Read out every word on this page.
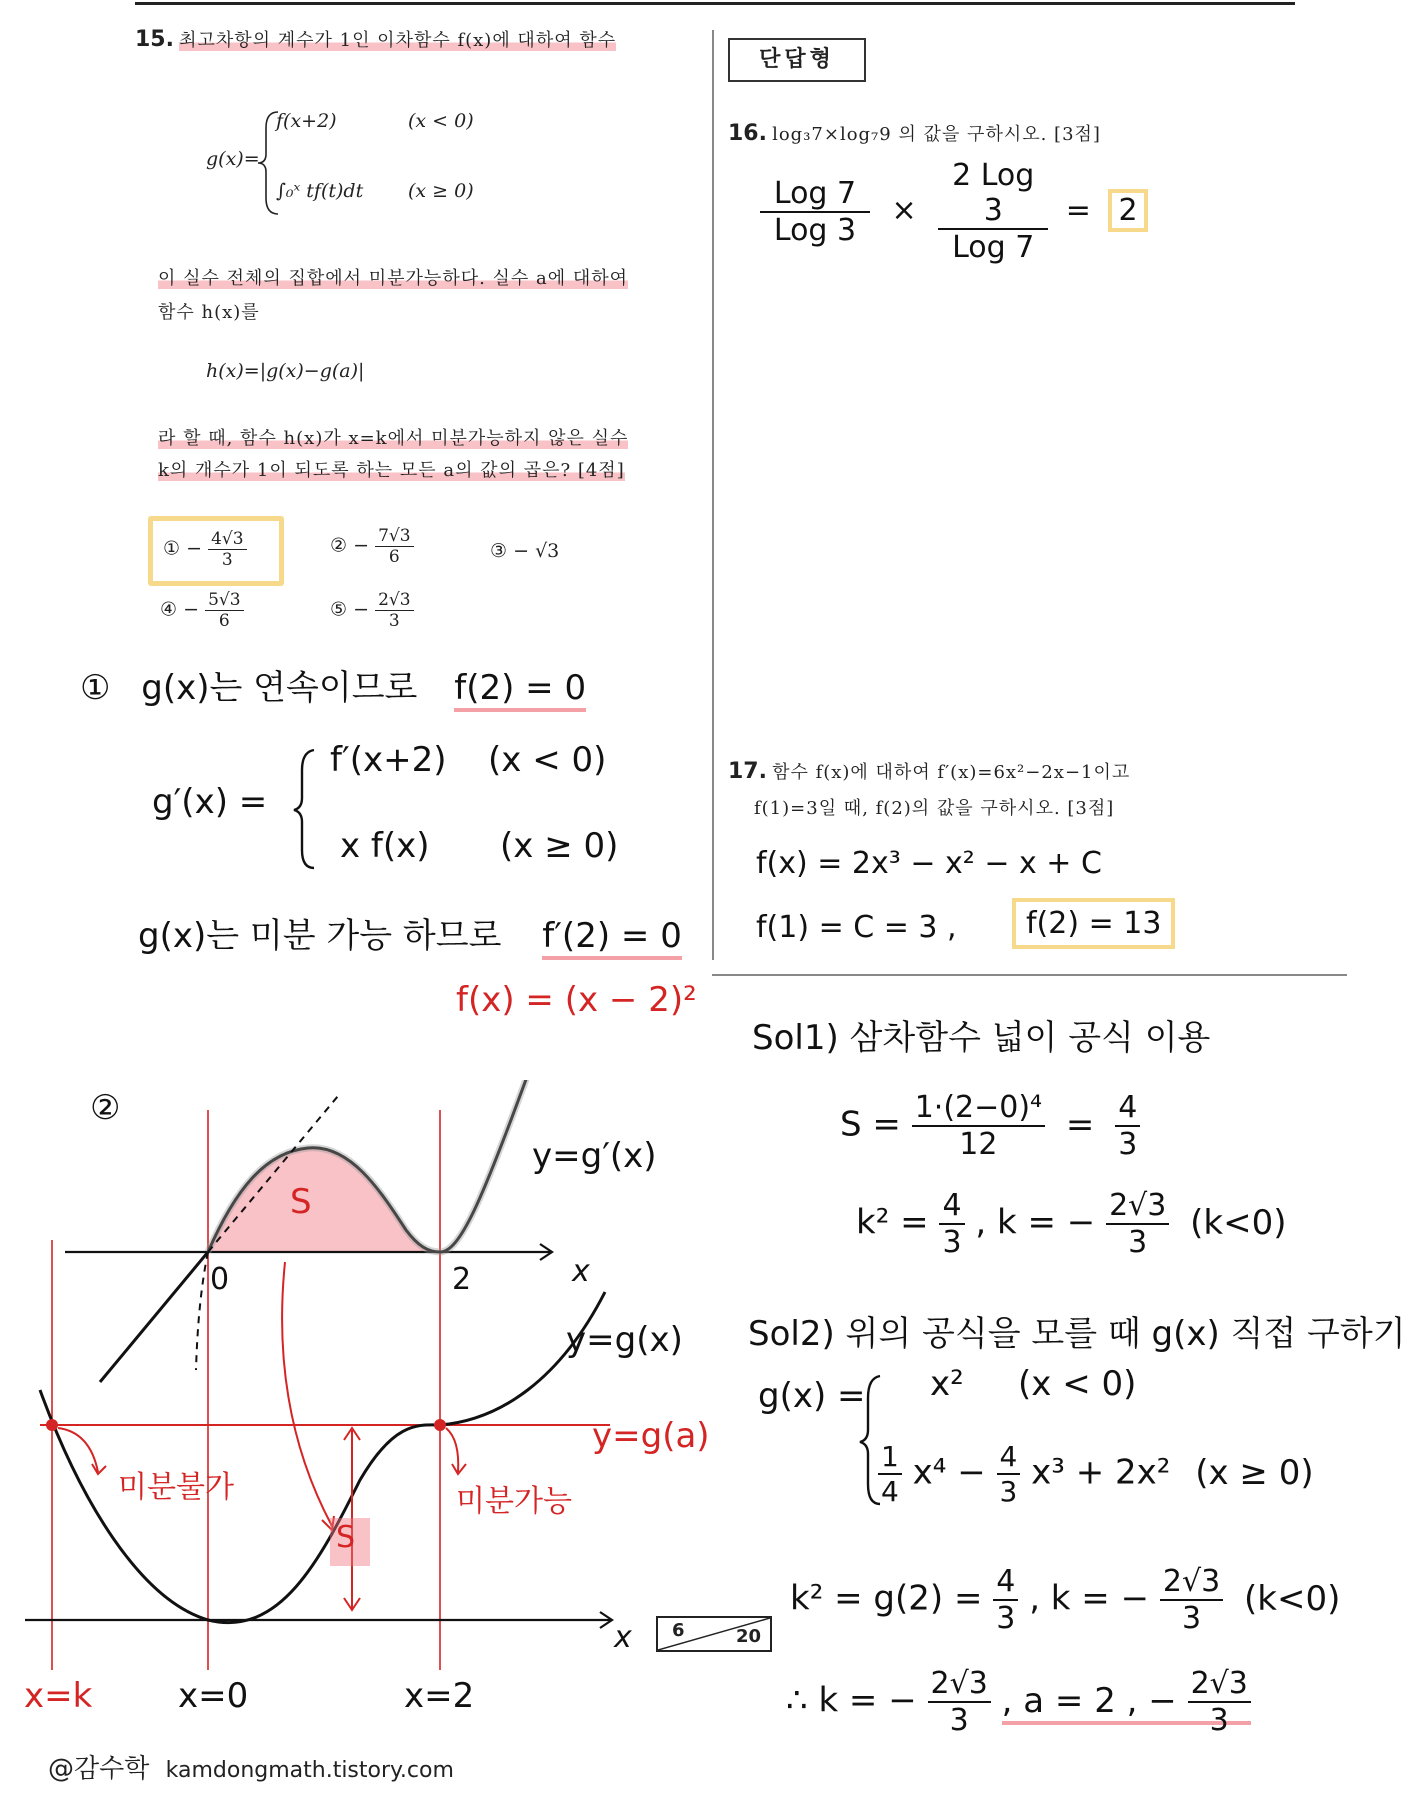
15. 최고차항의 계수가 1인 이차함수 f(x)에 대하여 함수
g(x)=
f(x+2)	(x < 0)
∫₀ˣ tf(t)dt (x ≥ 0)
이 실수 전체의 집합에서 미분가능하다. 실수 a에 대하여
함수 h(x)를
h(x)=|g(x)−g(a)|
라 할 때, 함수 h(x)가 x=k에서 미분가능하지 않은 실수
k의 개수가 1이 되도록 하는 모든 a의 값의 곱은? [4점]
① − $\frac{4√3}{3}$	② − $\frac{7√3}{6}$	③ − √3
④ − $\frac{5√3}{6}$	⑤ − $\frac{2√3}{3}$
단답형
16. log₃7×log₇9 의 값을 구하시오. [3점]
$\frac{\text{Log 7}}{\text{Log 3}} \times \frac{\text{2 Log 3}}{\text{Log 7}} = 2$
17. 함수 f(x)에 대하여 f′(x)=6x²−2x−1이고
f(1)=3일 때, f(2)의 값을 구하시오. [3점]
f(x) = 2x³ − x² − x + C
f(1) = C = 3 ,	f(2) = 13
① g(x)는 연속이므로 f(2) = 0
g′(x) =
f′(x+2) (x < 0)
x f(x) (x ≥ 0)
g(x)는 미분 가능 하므로 f′(2) = 0
f(x) = (x − 2)²
②
y=g′(x)
S
0	2	x
y=g(x)
y=g(a)
미분불가	미분가능
S
x
x=k	x=0	x=2
6	20
Sol1) 삼차함수 넓이 공식 이용
$S = \frac{\text{1·(2−0)⁴}}{12} = \frac{4}{3}$
$k^2 = \frac{4}{3}$ , k = − $\frac{2√3}{3} (k<0)$
Sol2) 위의 공식을 모를 때 g(x) 직접 구하기
g(x) = x² (x < 0)
$\frac{1}{4} x^4 - \frac{4}{3} x^3 + 2x^2$ (x ≥ 0)
$k^2 = g(2) = \frac{4}{3}$ , k = − $\frac{2√3}{3} (k<0)$
∴ k = − $\frac{2√3}{3}$ , a = 2 , − $\frac{2√3}{3}$
@감수학 kamdongmath.tistory.com
